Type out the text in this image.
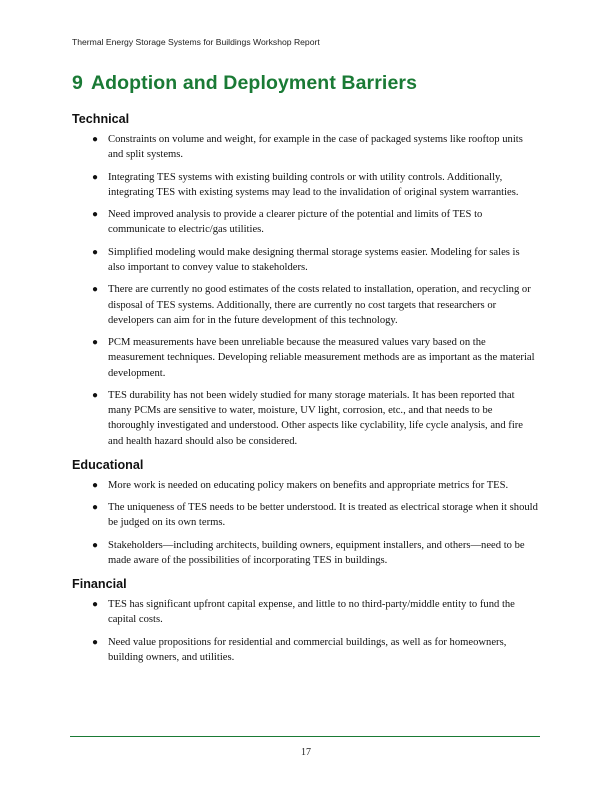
Thermal Energy Storage Systems for Buildings Workshop Report
9 Adoption and Deployment Barriers
Technical
● Constraints on volume and weight, for example in the case of packaged systems like rooftop units and split systems.
● Integrating TES systems with existing building controls or with utility controls. Additionally, integrating TES with existing systems may lead to the invalidation of original system warranties.
● Need improved analysis to provide a clearer picture of the potential and limits of TES to communicate to electric/gas utilities.
● Simplified modeling would make designing thermal storage systems easier. Modeling for sales is also important to convey value to stakeholders.
● There are currently no good estimates of the costs related to installation, operation, and recycling or disposal of TES systems. Additionally, there are currently no cost targets that researchers or developers can aim for in the future development of this technology.
● PCM measurements have been unreliable because the measured values vary based on the measurement techniques. Developing reliable measurement methods are as important as the material development.
● TES durability has not been widely studied for many storage materials. It has been reported that many PCMs are sensitive to water, moisture, UV light, corrosion, etc., and that needs to be thoroughly investigated and understood. Other aspects like cyclability, life cycle analysis, and fire and health hazard should also be considered.
Educational
● More work is needed on educating policy makers on benefits and appropriate metrics for TES.
● The uniqueness of TES needs to be better understood. It is treated as electrical storage when it should be judged on its own terms.
● Stakeholders—including architects, building owners, equipment installers, and others—need to be made aware of the possibilities of incorporating TES in buildings.
Financial
● TES has significant upfront capital expense, and little to no third-party/middle entity to fund the capital costs.
● Need value propositions for residential and commercial buildings, as well as for homeowners, building owners, and utilities.
17
